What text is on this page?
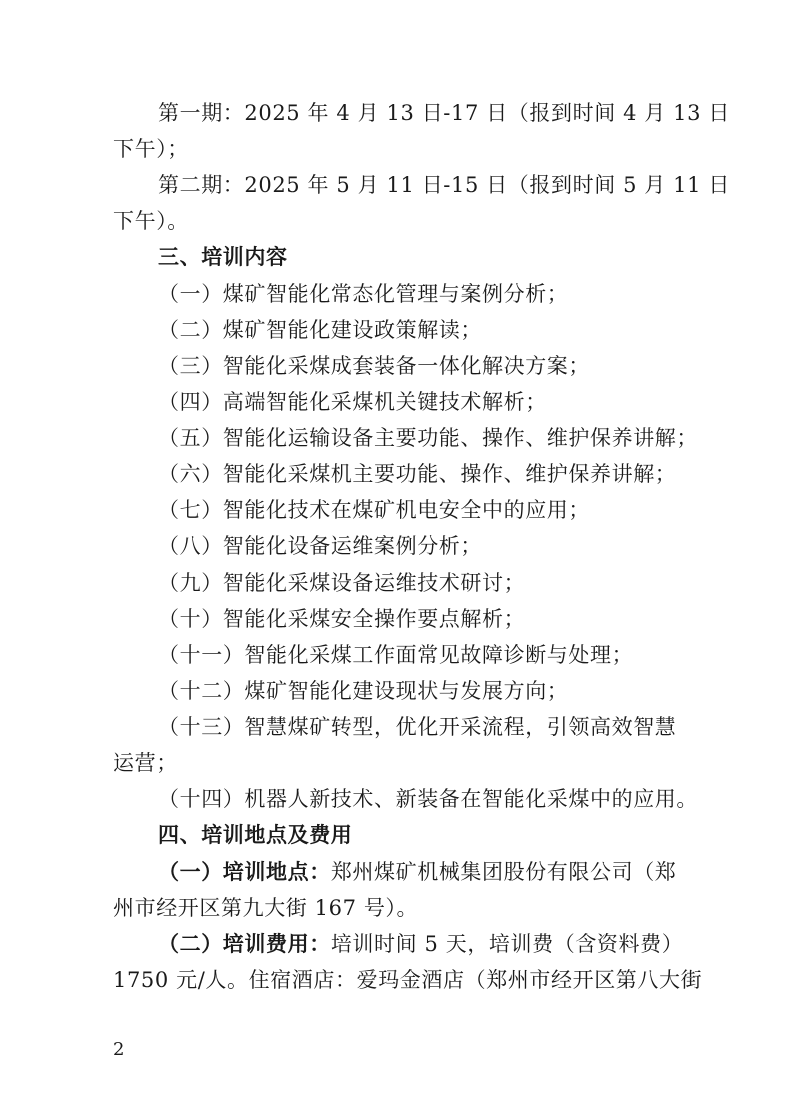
第一期：2025 年 4 月 13 日-17 日（报到时间 4 月 13 日
下午）；
第二期：2025 年 5 月 11 日-15 日（报到时间 5 月 11 日
下午）。
三、培训内容
（一）煤矿智能化常态化管理与案例分析；
（二）煤矿智能化建设政策解读；
（三）智能化采煤成套装备一体化解决方案；
（四）高端智能化采煤机关键技术解析；
（五）智能化运输设备主要功能、操作、维护保养讲解；
（六）智能化采煤机主要功能、操作、维护保养讲解；
（七）智能化技术在煤矿机电安全中的应用；
（八）智能化设备运维案例分析；
（九）智能化采煤设备运维技术研讨；
（十）智能化采煤安全操作要点解析；
（十一）智能化采煤工作面常见故障诊断与处理；
（十二）煤矿智能化建设现状与发展方向；
（十三）智慧煤矿转型，优化开采流程，引领高效智慧
运营；
（十四）机器人新技术、新装备在智能化采煤中的应用。
四、培训地点及费用
（一）培训地点：郑州煤矿机械集团股份有限公司（郑
州市经开区第九大街 167 号）。
（二）培训费用：培训时间 5 天，培训费（含资料费）
1750 元/人。住宿酒店：爱玛金酒店（郑州市经开区第八大街
2
